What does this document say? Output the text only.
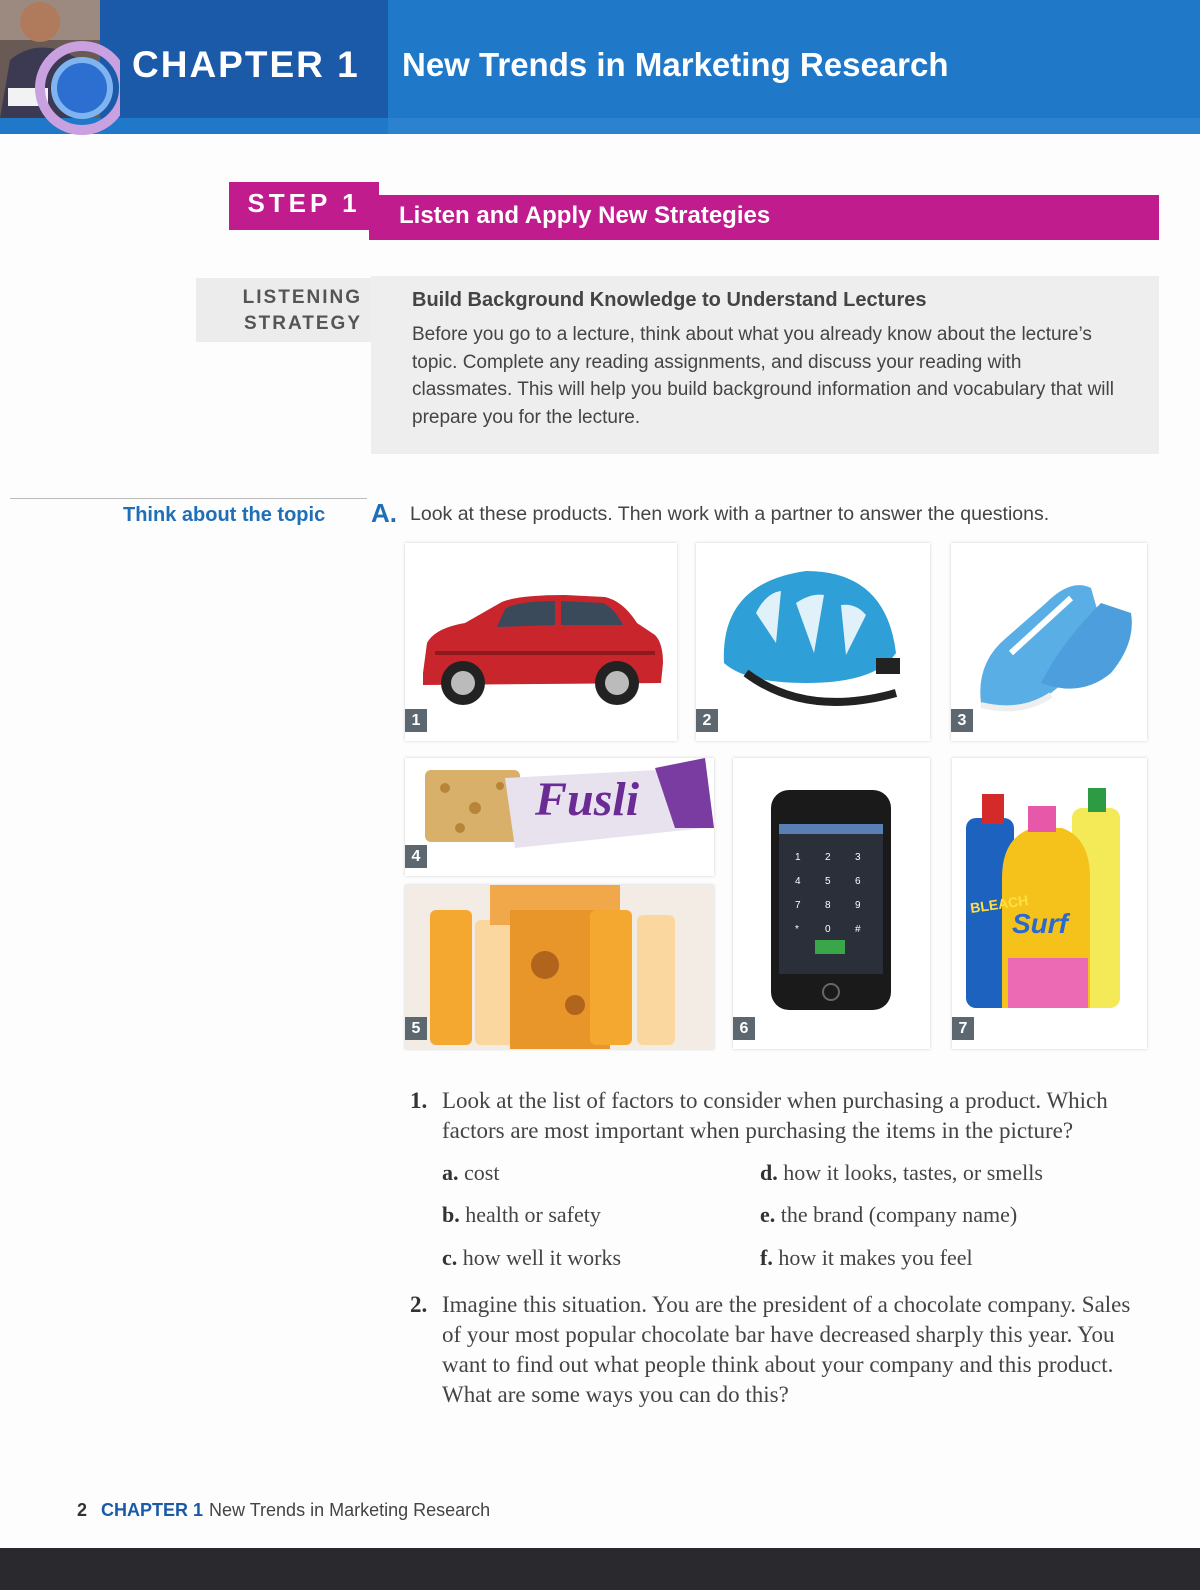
CHAPTER 1 New Trends in Marketing Research
STEP 1	Listen and Apply New Strategies
LISTENING
STRATEGY
Build Background Knowledge to Understand Lectures
Before you go to a lecture, think about what you already know about the lecture’s topic. Complete any reading assignments, and discuss your reading with classmates. This will help you build background information and vocabulary that will prepare you for the lecture.
Think about the topic A. Look at these products. Then work with a partner to answer the questions.
1	2	3
Fusli
4
5
1 2 3
4 5 6
7 8 9
*	0 #
6
BLEACH
Surf
7
1. Look at the list of factors to consider when purchasing a product. Which factors are most important when purchasing the items in the picture?
a. cost
b. health or safety
c. how well it works
d. how it looks, tastes, or smells
e. the brand (company name)
f. how it makes you feel
2. Imagine this situation. You are the president of a chocolate company. Sales of your most popular chocolate bar have decreased sharply this year. You want to find out what people think about your company and this product. What are some ways you can do this?
2 CHAPTER 1 New Trends in Marketing Research
